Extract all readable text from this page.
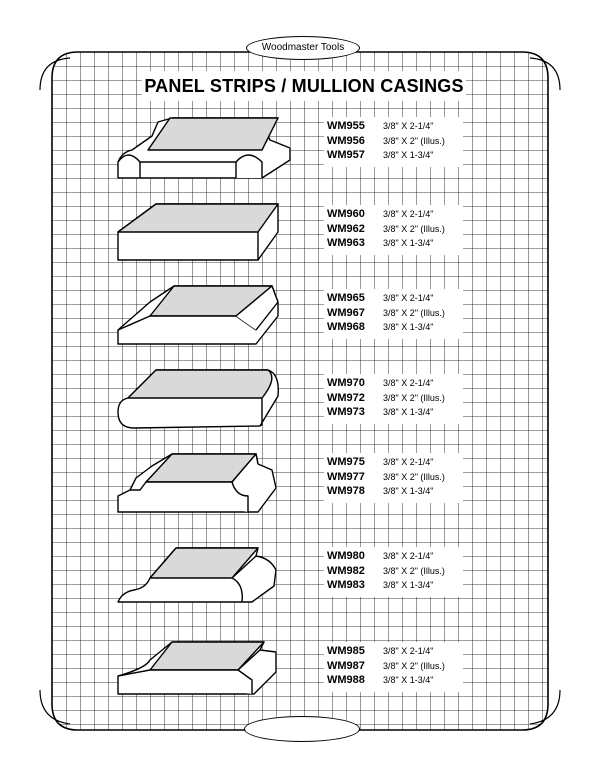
Woodmaster Tools
PANEL STRIPS / MULLION CASINGS
WM955	3/8" X 2-1/4"
WM956	3/8" X 2" (Illus.)
WM957	3/8" X 1-3/4"
WM960	3/8" X 2-1/4"
WM962	3/8" X 2" (Illus.)
WM963	3/8" X 1-3/4"
WM965	3/8" X 2-1/4"
WM967	3/8" X 2" (Illus.)
WM968	3/8" X 1-3/4"
WM970	3/8" X 2-1/4"
WM972	3/8" X 2" (Illus.)
WM973	3/8" X 1-3/4"
WM975	3/8" X 2-1/4"
WM977	3/8" X 2" (Illus.)
WM978	3/8" X 1-3/4"
WM980	3/8" X 2-1/4"
WM982	3/8" X 2" (Illus.)
WM983	3/8" X 1-3/4"
WM985	3/8" X 2-1/4"
WM987	3/8" X 2" (Illus.)
WM988	3/8" X 1-3/4"
